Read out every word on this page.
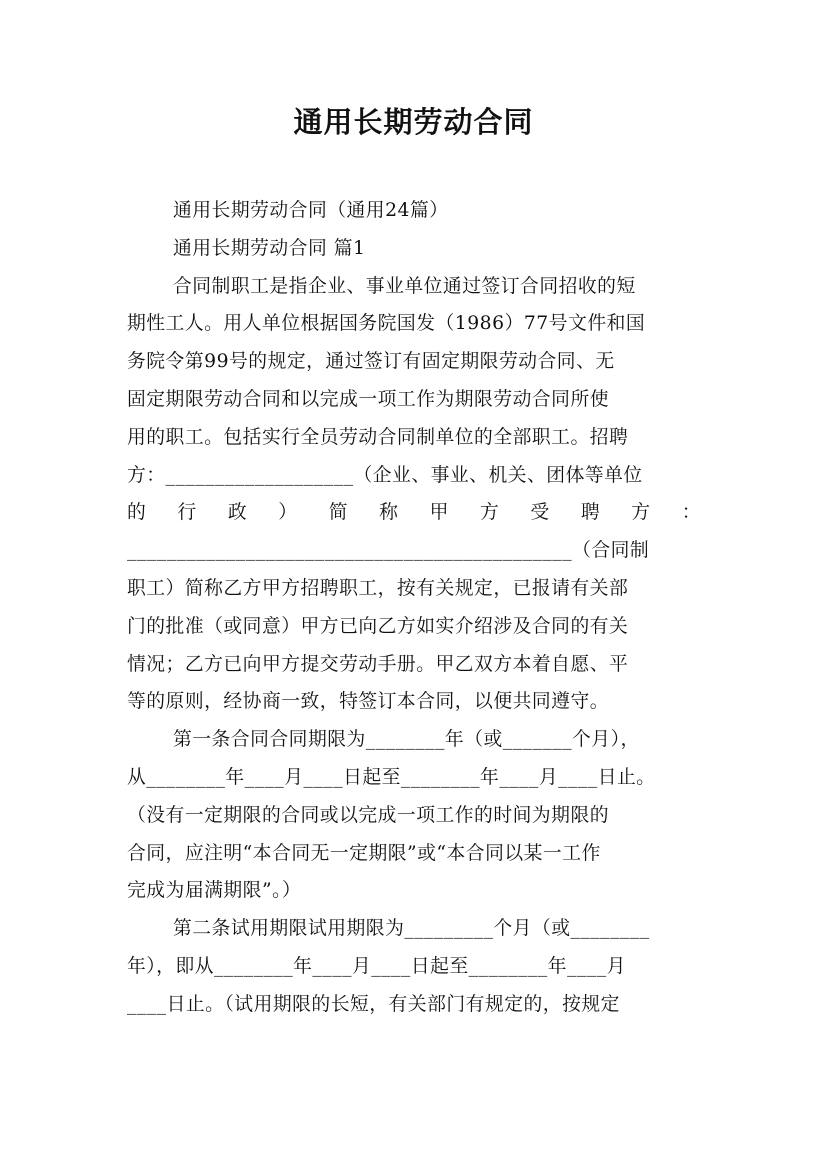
通用长期劳动合同
通用长期劳动合同（通用24篇）
通用长期劳动合同 篇1
合同制职工是指企业、事业单位通过签订合同招收的短
期性工人。用人单位根据国务院国发（1986）77号文件和国
务院令第99号的规定，通过签订有固定期限劳动合同、无
固定期限劳动合同和以完成一项工作为期限劳动合同所使
用的职工。包括实行全员劳动合同制单位的全部职工。招聘
方：___________________（企业、事业、机关、团体等单位
的 行 政 ） 简 称 甲 方 受 聘 方 ：
_____________________________________________（合同制
职工）简称乙方甲方招聘职工，按有关规定，已报请有关部
门的批准（或同意）甲方已向乙方如实介绍涉及合同的有关
情况；乙方已向甲方提交劳动手册。甲乙双方本着自愿、平
等的原则，经协商一致，特签订本合同，以便共同遵守。
第一条合同合同期限为________年（或_______个月），
从________年____月____日起至________年____月____日止。
（没有一定期限的合同或以完成一项工作的时间为期限的
合同，应注明“本合同无一定期限”或“本合同以某一工作
完成为届满期限”。）
第二条试用期限试用期限为_________个月（或________
年），即从________年____月____日起至________年____月
____日止。（试用期限的长短，有关部门有规定的，按规定
